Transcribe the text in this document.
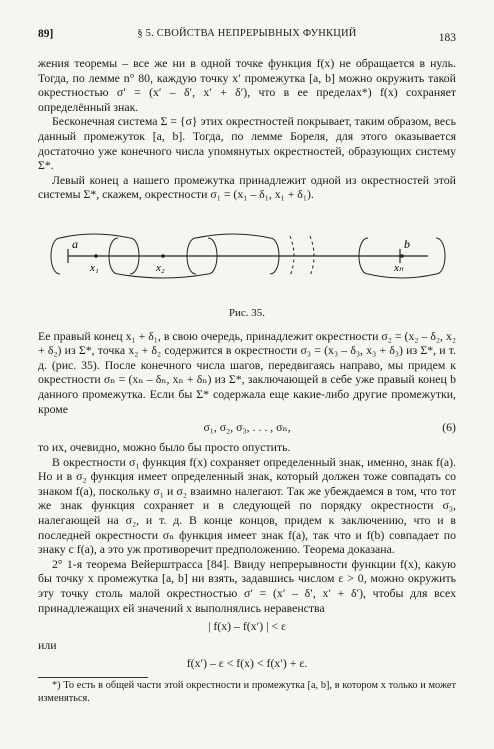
89]	§ 5. СВОЙСТВА НЕПРЕРЫВНЫХ ФУНКЦИЙ	183

жения теоремы – все же ни в одной точке функция f(x) не обращается в нуль. Тогда, по лемме n° 80, каждую точку x′ промежутка [a, b] можно окружить такой окрестностью σ′ = (x′ – δ′, x′ + δ′), что в ее пределах*) f(x) сохраняет определённый знак.

Бесконечная система Σ = {σ} этих окрестностей покрывает, таким образом, весь данный промежуток [a, b]. Тогда, по лемме Бореля, для этого оказывается достаточно уже конечного числа упомянутых окрестностей, образующих систему Σ*.

Левый конец a нашего промежутка принадлежит одной из окрестностей этой системы Σ*, скажем, окрестности σ₁ = (x₁ – δ₁, x₁ + δ₁).

a
x₁	x₂	xₙ
b
Рис. 35.

Ее правый конец x₁ + δ₁, в свою очередь, принадлежит окрестности σ₂ = (x₂ – δ₂, x₂ + δ₂) из Σ*, точка x₂ + δ₂ содержится в окрестности σ₃ = (x₃ – δ₃, x₃ + δ₃) из Σ*, и т. д. (рис. 35). После конечного числа шагов, передвигаясь направо, мы придем к окрестности σₙ = (xₙ – δₙ, xₙ + δₙ) из Σ*, заключающей в себе уже правый конец b данного промежутка. Если бы Σ* содержала еще какие-либо другие промежутки, кроме

σ₁, σ₂, σ₃, . . . , σₙ,	(6)

то их, очевидно, можно было бы просто опустить.

В окрестности σ₁ функция f(x) сохраняет определенный знак, именно, знак f(a). Но и в σ₂ функция имеет определенный знак, который должен тоже совпадать со знаком f(a), поскольку σ₁ и σ₂ взаимно налегают. Так же убеждаемся в том, что тот же знак функция сохраняет и в следующей по порядку окрестности σ₃, налегающей на σ₂, и т. д. В конце концов, придем к заключению, что и в последней окрестности σₙ функция имеет знак f(a), так что и f(b) совпадает по знаку с f(a), а это уж противоречит предположению. Теорема доказана.

2° 1-я теорема Вейерштрасса [84]. Ввиду непрерывности функции f(x), какую бы точку x промежутка [a, b] ни взять, задавшись числом ε > 0, можно окружить эту точку столь малой окрестностью σ′ = (x′ – δ′, x′ + δ′), чтобы для всех принадлежащих ей значений x выполнялись неравенства

| f(x) – f(x′) | < ε

или

f(x′) – ε < f(x) < f(x′) + ε.

*) То есть в общей части этой окрестности и промежутка [a, b], в котором x только и может изменяться.
